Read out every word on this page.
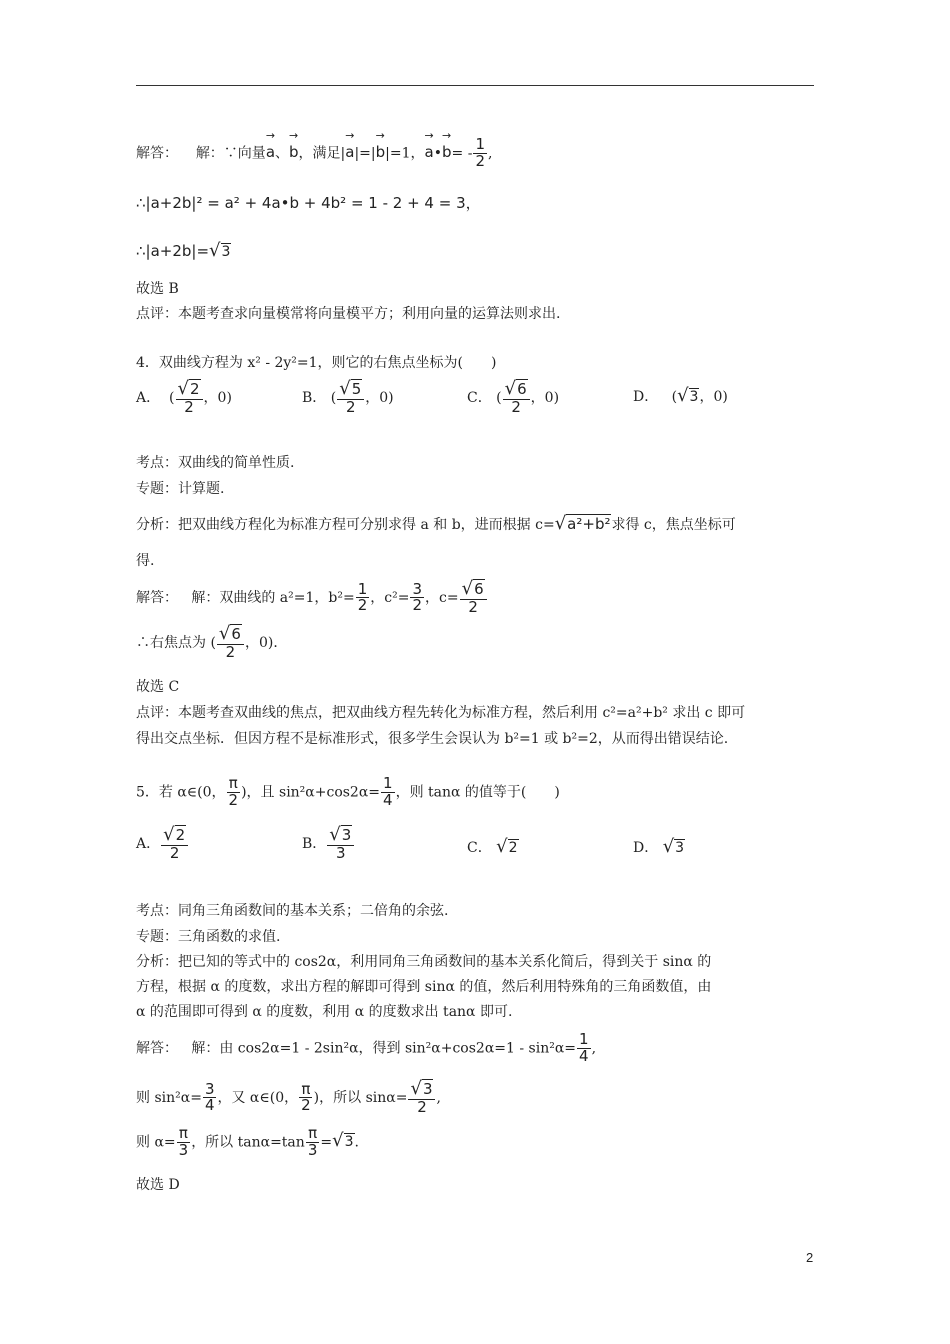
解答： 解：∵向量→ a、→ b，满足|→ a|=|→ b|=1，→ a•→ $b= - \frac{1}{2}$ ,
∴|a+2b|² = a² + 4a•b + 4b² = 1 - 2 + 4 = 3，
∴|a+2b|=√3
故选 B
点评：本题考查求向量模常将向量模平方；利用向量的运算法则求出.
4．双曲线方程为 x² - 2y²=1，则它的右焦点坐标为(　　)
A． ( $\frac{√2}{2}$ ，0)	B． ( $\frac{√5}{2}$ ，0)	C． ( $\frac{√6}{2}$ ，0)	D． (√3，0)
考点：双曲线的简单性质.
专题：计算题.
分析：把双曲线方程化为标准方程可分别求得 a 和 b，进而根据 c=√a²+b²求得 c，焦点坐标可
得.
解答： 解：双曲线的 a²=1，$b^2= \frac{1}{2}$ ，$c^2= \frac{3}{2}$ ，$c= \frac{√6}{2}$
∴右焦点为 ( $\frac{√6}{2}$ ，0)．
故选 C
点评：本题考查双曲线的焦点，把双曲线方程先转化为标准方程，然后利用 c²=a²+b² 求出 c 即可
得出交点坐标．但因方程不是标准形式，很多学生会误认为 b²=1 或 b²=2，从而得出错误结论.
5．若 α∈(0， $\frac{\pi}{2}$ )，且 $\sin^2\alpha+\cos 2\alpha= \frac{1}{4}$ ，则 tanα 的值等于(　　)
A． $\frac{√2}{2}$	B． $\frac{√3}{3}$	C． √2	D． √3
考点：同角三角函数间的基本关系；二倍角的余弦.
专题：三角函数的求值.
分析：把已知的等式中的 cos2α，利用同角三角函数间的基本关系化简后，得到关于 sinα 的
方程，根据 α 的度数，求出方程的解即可得到 sinα 的值，然后利用特殊角的三角函数值，由
α 的范围即可得到 α 的度数，利用 α 的度数求出 tanα 即可.
解答： 解：由 cos2α=1 - 2sin²α，得到 $\sin^2\alpha+\cos 2\alpha=1 - \sin^2\alpha= \frac{1}{4}$ ,
则 $\sin^2\alpha= \frac{3}{4}$ ，又 α∈(0， $\frac{\pi}{2}$ )，所以 $\sin\alpha= \frac{√3}{2}$ ,
则 $\alpha= \frac{\pi}{3}$ ，所以 $\tan\alpha=\tan \frac{\pi}{3} =√3$.
故选 D
2
